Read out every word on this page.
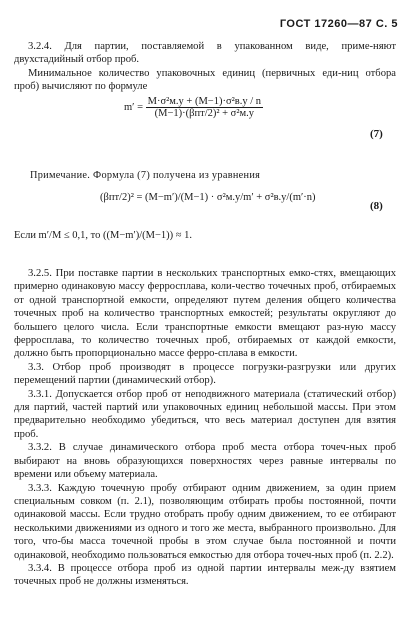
ГОСТ 17260—87 С. 5

3.2.4. Для партии, поставляемой в упакованном виде, приме-няют двухстадийный отбор проб.

Минимальное количество упаковочных единиц (первичных еди-ниц отбора проб) вычисляют по формуле

$m' = \frac{\text{M·σ²м.у + (M−1)·σ²в.у / n}}{\text{(M−1)·(βпт/2)² + σ²м.у}}$
(7)
Примечание. Формула (7) получена из уравнения
(βпт/2)² = (M−m′)/(M−1) · σ²м.у/m′ + σ²в.у/(m′·n)
(8)
Если m′/M ≤ 0,1, то ((M−m′)/(M−1)) ≈ 1.

3.2.5. При поставке партии в нескольких транспортных емко-стях, вмещающих примерно одинаковую массу ферросплава, коли-чество точечных проб, отбираемых от одной транспортной емкости, определяют путем деления общего количества точечных проб на количество транспортных емкостей; результаты округляют до большего целого числа. Если транспортные емкости вмещают раз-ную массу ферросплава, то количество точечных проб, отбираемых от каждой емкости, должно быть пропорционально массе ферро-сплава в емкости.

3.3. Отбор проб производят в процессе погрузки-разгрузки или других перемещений партии (динамический отбор).

3.3.1. Допускается отбор проб от неподвижного материала (статический отбор) для партий, частей партий или упаковочных единиц небольшой массы. При этом предварительно необходимо убедиться, что весь материал доступен для взятия проб.

3.3.2. В случае динамического отбора проб места отбора точеч-ных проб выбирают на вновь образующихся поверхностях через равные интервалы по времени или объему материала.

3.3.3. Каждую точечную пробу отбирают одним движением, за один прием специальным совком (п. 2.1), позволяющим отбирать пробы постоянной, почти одинаковой массы. Если трудно отобрать пробу одним движением, то ее отбирают несколькими движениями из одного и того же места, выбранного произвольно. Для того, что-бы масса точечной пробы в этом случае была постоянной и почти одинаковой, необходимо пользоваться емкостью для отбора точеч-ных проб (п. 2.2).

3.3.4. В процессе отбора проб из одной партии интервалы меж-ду взятием точечных проб не должны изменяться.
